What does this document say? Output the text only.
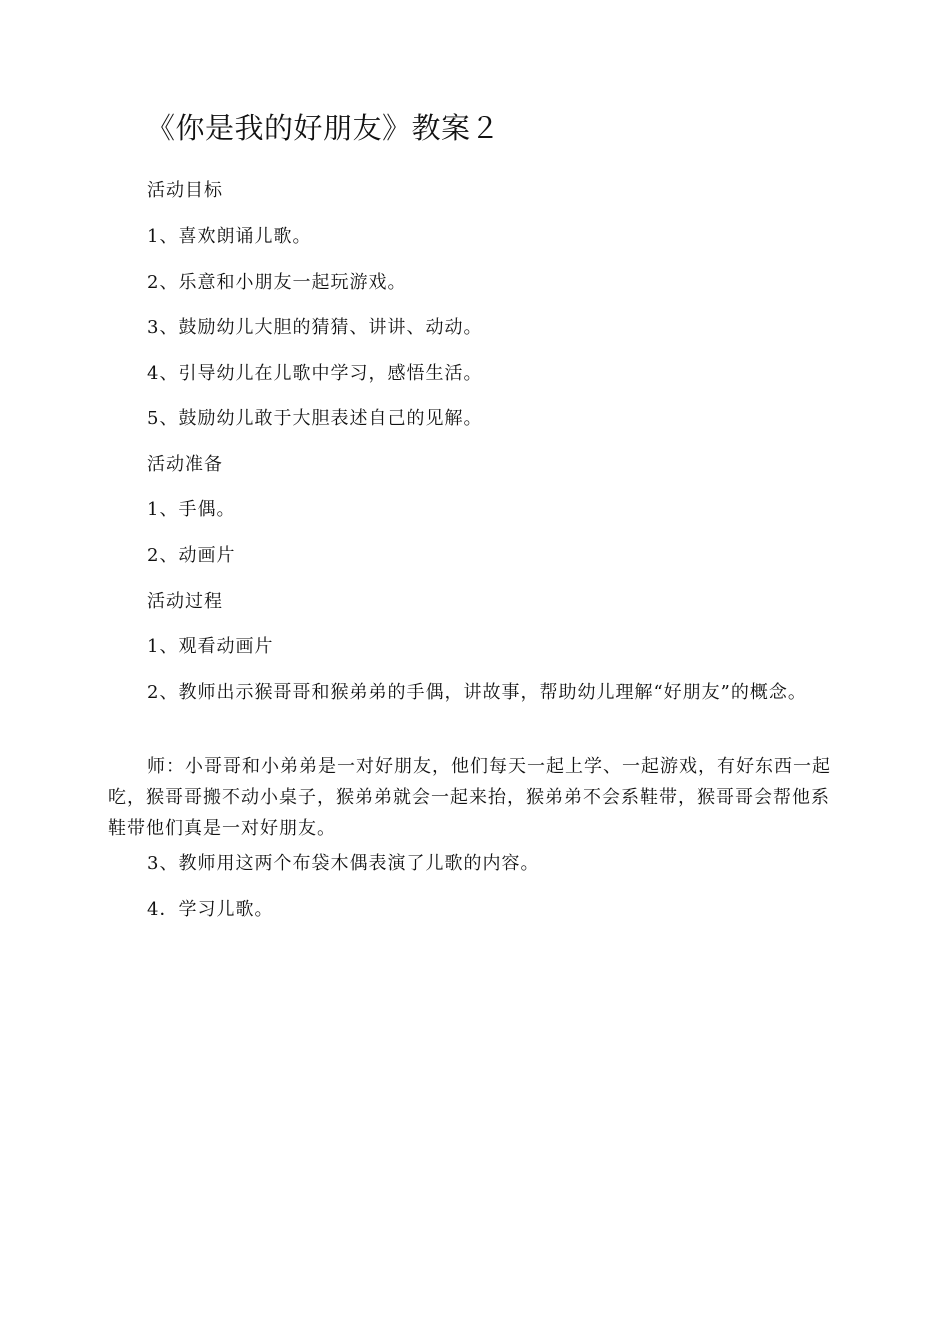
《你是我的好朋友》教案２
活动目标
1、喜欢朗诵儿歌。
2、乐意和小朋友一起玩游戏。
3、鼓励幼儿大胆的猜猜、讲讲、动动。
4、引导幼儿在儿歌中学习，感悟生活。
5、鼓励幼儿敢于大胆表述自己的见解。
活动准备
1、手偶。
2、动画片
活动过程
1、观看动画片
2、教师出示猴哥哥和猴弟弟的手偶，讲故事，帮助幼儿理解“好朋友”的概念。
师：小哥哥和小弟弟是一对好朋友，他们每天一起上学、一起游戏，有好东西一起吃，猴哥哥搬不动小桌子，猴弟弟就会一起来抬，猴弟弟不会系鞋带，猴哥哥会帮他系鞋带他们真是一对好朋友。
3、教师用这两个布袋木偶表演了儿歌的内容。
4．学习儿歌。
